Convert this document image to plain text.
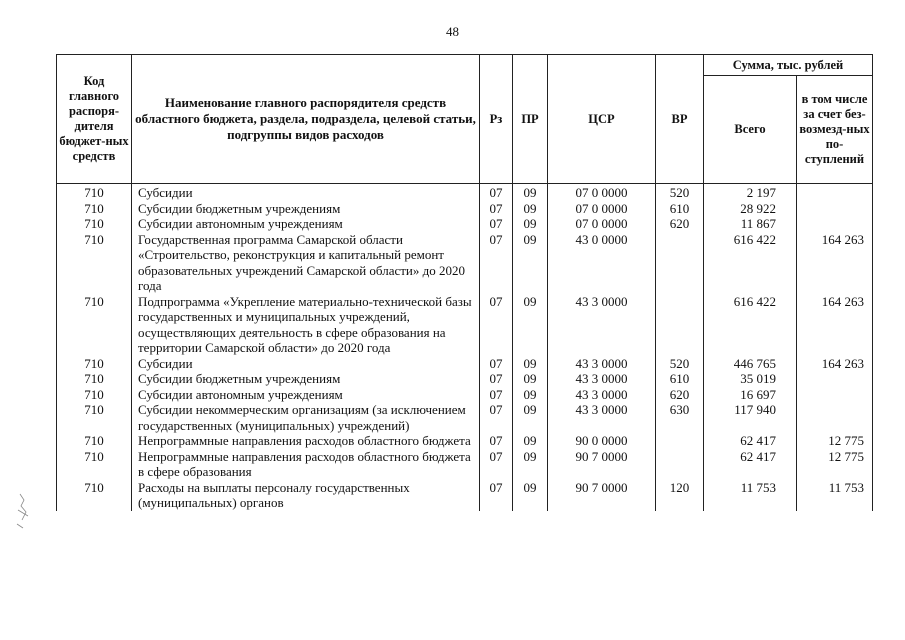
48
Код главного распоря-дителя бюджет-ных средств	Наименование главного распорядителя средств областного бюджета, раздела, подраздела, целевой статьи, подгруппы видов расходов	Рз	ПР	ЦСР	ВР	Сумма, тыс. рублей	
						Всего	в том числе за счет без-возмезд-ных по-ступлений
710	Субсидии	07	09	07 0 0000	520	2 197	
710	Субсидии бюджетным учреждениям	07	09	07 0 0000	610	28 922	
710	Субсидии автономным учреждениям	07	09	07 0 0000	620	11 867	
710	Государственная программа Самарской области «Строительство, реконструкция и капитальный ремонт образовательных учреждений Самарской области» до 2020 года	07	09	43 0 0000		616 422	164 263
710	Подпрограмма «Укрепление материально-технической базы государственных и муниципальных учреждений, осуществляющих деятельность в сфере образования на территории Самарской области» до 2020 года	07	09	43 3 0000		616 422	164 263
710	Субсидии	07	09	43 3 0000	520	446 765	164 263
710	Субсидии бюджетным учреждениям	07	09	43 3 0000	610	35 019	
710	Субсидии автономным учреждениям	07	09	43 3 0000	620	16 697	
710	Субсидии некоммерческим организациям (за исключением государственных (муниципальных) учреждений)	07	09	43 3 0000	630	117 940	
710	Непрограммные направления расходов областного бюджета	07	09	90 0 0000		62 417	12 775
710	Непрограммные направления расходов областного бюджета в сфере образования	07	09	90 7 0000		62 417	12 775
710	Расходы на выплаты персоналу государственных (муниципальных) органов	07	09	90 7 0000	120	11 753	11 753
